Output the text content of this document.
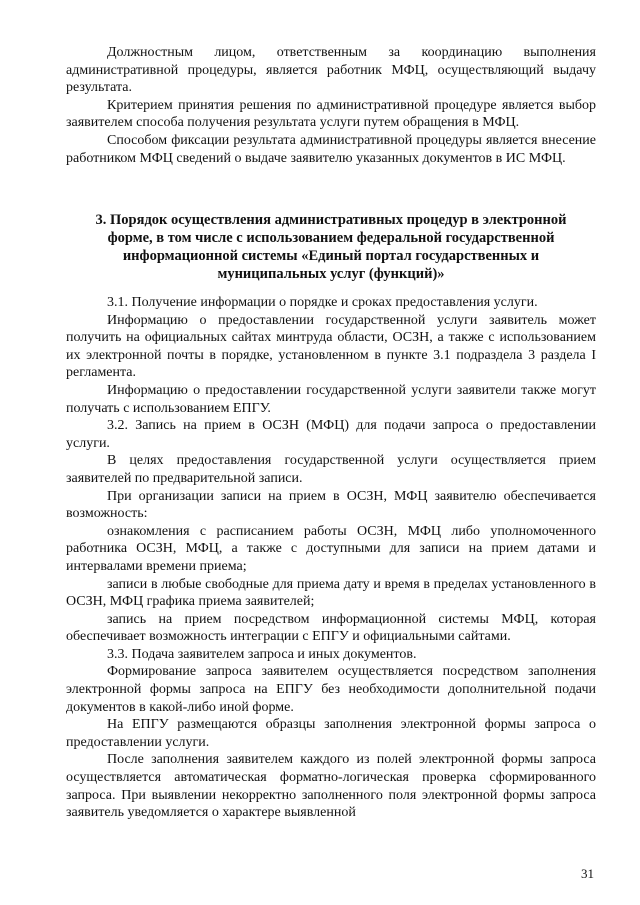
Должностным лицом, ответственным за координацию выполнения административной процедуры, является работник МФЦ, осуществляющий выдачу результата.

Критерием принятия решения по административной процедуре является выбор заявителем способа получения результата услуги путем обращения в МФЦ.

Способом фиксации результата административной процедуры является внесение работником МФЦ сведений о выдаче заявителю указанных документов в ИС МФЦ.

3. Порядок осуществления административных процедур в электронной форме, в том числе с использованием федеральной государственной информационной системы «Единый портал государственных и муниципальных услуг (функций)»

3.1. Получение информации о порядке и сроках предоставления услуги.

Информацию о предоставлении государственной услуги заявитель может получить на официальных сайтах минтруда области, ОСЗН, а также с использованием их электронной почты в порядке, установленном в пункте 3.1 подраздела 3 раздела I регламента.

Информацию о предоставлении государственной услуги заявители также могут получать с использованием ЕПГУ.

3.2. Запись на прием в ОСЗН (МФЦ) для подачи запроса о предоставлении услуги.

В целях предоставления государственной услуги осуществляется прием заявителей по предварительной записи.

При организации записи на прием в ОСЗН, МФЦ заявителю обеспечивается возможность:

ознакомления с расписанием работы ОСЗН, МФЦ либо уполномоченного работника ОСЗН, МФЦ, а также с доступными для записи на прием датами и интервалами времени приема;

записи в любые свободные для приема дату и время в пределах установленного в ОСЗН, МФЦ графика приема заявителей;

запись на прием посредством информационной системы МФЦ, которая обеспечивает возможность интеграции с ЕПГУ и официальными сайтами.

3.3. Подача заявителем запроса и иных документов.

Формирование запроса заявителем осуществляется посредством заполнения электронной формы запроса на ЕПГУ без необходимости дополнительной подачи документов в какой-либо иной форме.

На ЕПГУ размещаются образцы заполнения электронной формы запроса о предоставлении услуги.

После заполнения заявителем каждого из полей электронной формы запроса осуществляется автоматическая форматно-логическая проверка сформированного запроса. При выявлении некорректно заполненного поля электронной формы запроса заявитель уведомляется о характере выявленной

31
